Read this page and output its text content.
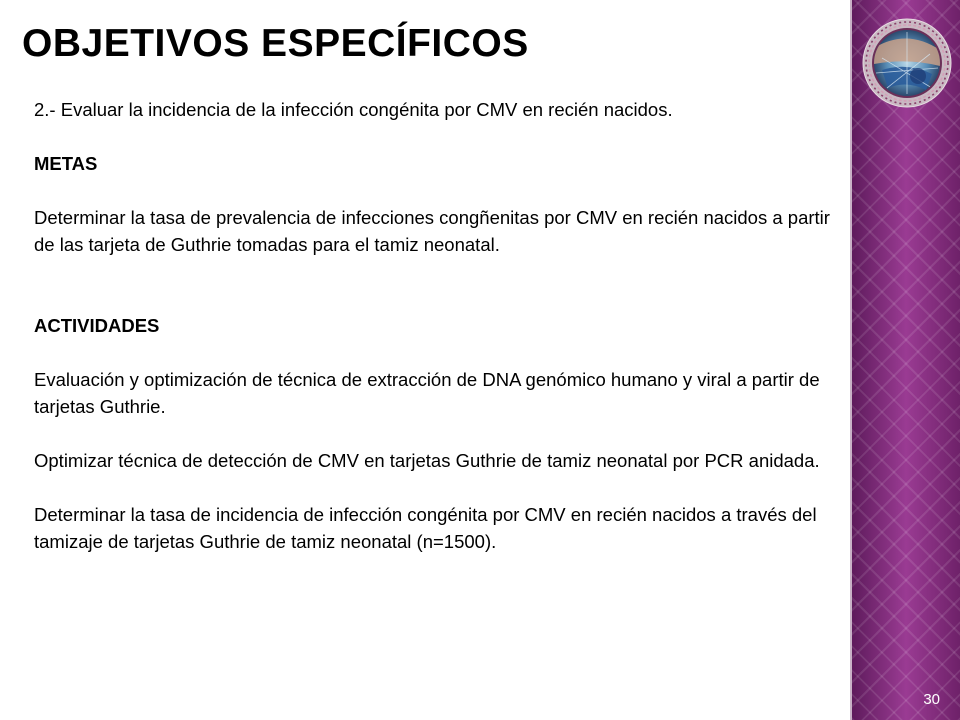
OBJETIVOS ESPECÍFICOS

2.- Evaluar la incidencia de la infección congénita por CMV en recién nacidos.

METAS

Determinar la tasa de prevalencia de infecciones congñenitas por CMV en recién nacidos a partir de las tarjeta de Guthrie tomadas para el tamiz neonatal.

ACTIVIDADES

Evaluación y optimización de técnica de extracción de DNA genómico humano y viral a partir de tarjetas Guthrie.

Optimizar técnica de detección de CMV en tarjetas Guthrie de tamiz neonatal por PCR anidada.

Determinar la tasa de incidencia de infección congénita por CMV en recién nacidos a través del tamizaje de tarjetas Guthrie de tamiz neonatal (n=1500).

30
